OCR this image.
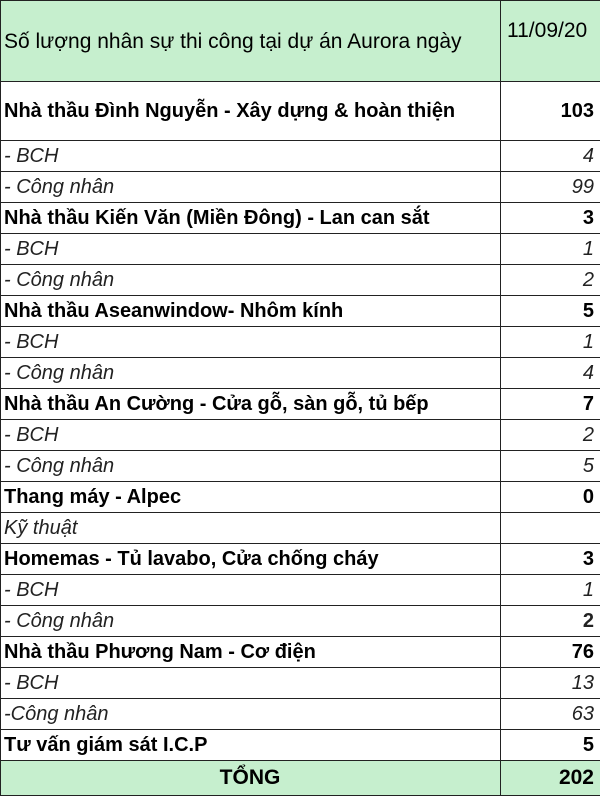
Số lượng nhân sự thi công tại dự án Aurora ngày	11/09/20
Nhà thầu Đình Nguyễn - Xây dựng & hoàn thiện	103
- BCH	4
- Công nhân	99
Nhà thầu Kiến Văn (Miền Đông) - Lan can sắt	3
- BCH	1
- Công nhân	2
Nhà thầu Aseanwindow- Nhôm kính	5
- BCH	1
- Công nhân	4
Nhà thầu An Cường - Cửa gỗ, sàn gỗ, tủ bếp	7
- BCH	2
- Công nhân	5
Thang máy - Alpec	0
Kỹ thuật	
Homemas - Tủ lavabo, Cửa chống cháy	3
- BCH	1
- Công nhân	2
Nhà thầu Phương Nam - Cơ điện	76
- BCH	13
-Công nhân	63
Tư vấn giám sát I.C.P	5
TỔNG	202
